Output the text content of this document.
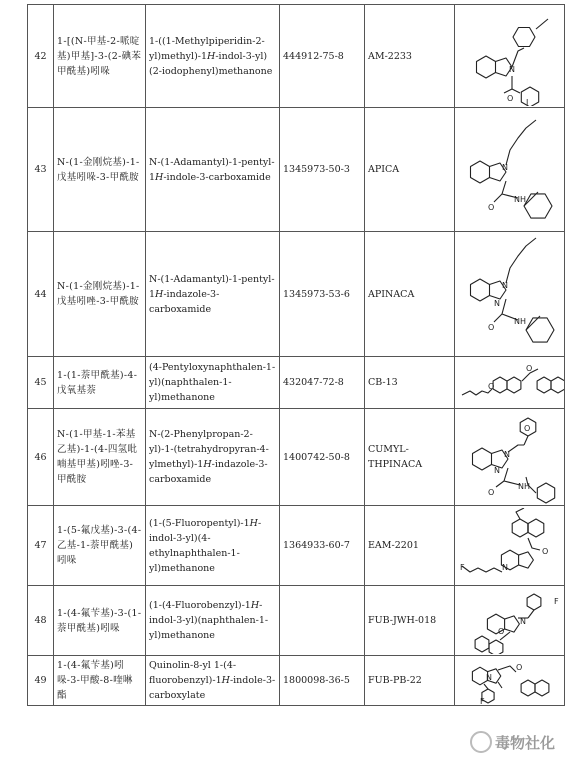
42	1-[(N-甲基-2-哌啶基)甲基]-3-(2-碘苯甲酰基)吲哚	1-((1-Methylpiperidin-2-yl)methyl)-1H-indol-3-yl)(2-iodophenyl)methanone	444912-75-8	AM-2233	N
O I

43	N-(1-金刚烷基)-1-戊基吲哚-3-甲酰胺	N-(1-Adamantyl)-1-pentyl-1H-indole-3-carboxamide	1345973-50-3	APICA	N
O
NH

44	N-(1-金刚烷基)-1-戊基吲唑-3-甲酰胺	N-(1-Adamantyl)-1-pentyl-1H-indazole-3-carboxamide	1345973-53-6	APINACA	N
N
O
NH

45	1-(1-萘甲酰基)-4-戊氧基萘	(4-Pentyloxynaphthalen-1-yl)(naphthalen-1-yl)methanone	432047-72-8	CB-13	O
O

46	N-(1-甲基-1-苯基乙基)-1-(4-四氢吡喃基甲基)吲唑-3-甲酰胺	N-(2-Phenylpropan-2-yl)-1-(tetrahydropyran-4-ylmethyl)-1H-indazole-3-carboxamide	1400742-50-8	CUMYL-THPINACA	N
N
O
NH
O

47	1-(5-氟戊基)-3-(4-乙基-1-萘甲酰基)吲哚	(1-(5-Fluoropentyl)-1H-indol-3-yl)(4-ethylnaphthalen-1-yl)methanone	1364933-60-7	EAM-2201	F
O
N

48	1-(4-氟苄基)-3-(1-萘甲酰基)吲哚	(1-(4-Fluorobenzyl)-1H-indol-3-yl)(naphthalen-1-yl)methanone		FUB-JWH-018	F
O
N

49	1-(4-氟苄基)吲哚-3-甲酸-8-喹啉酯	Quinolin-8-yl 1-(4-fluorobenzyl)-1H-indole-3-carboxylate	1800098-36-5	FUB-PB-22	O
F
N
毒物社化
